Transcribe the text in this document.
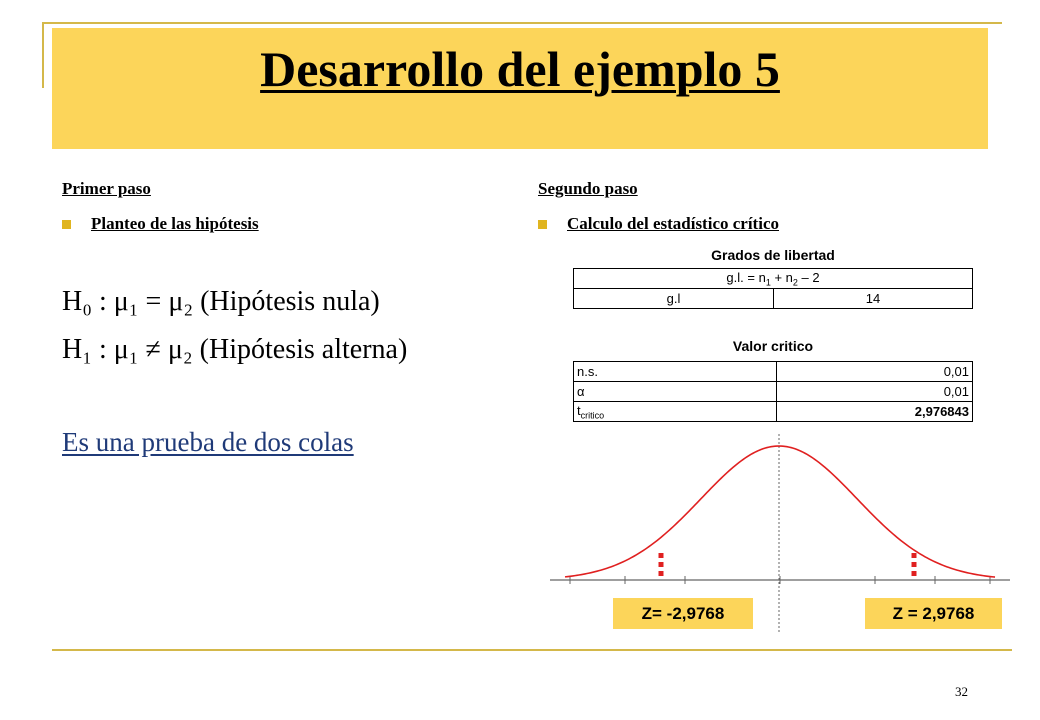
Desarrollo del ejemplo 5
Primer paso
Planteo de las hipótesis
H₀ : μ₁ = μ₂ (Hipótesis nula)
H₁ : μ₁ ≠ μ₂ (Hipótesis alterna)
Es una prueba de dos colas
Segundo paso
Calculo del estadístico crítico
Grados de libertad
g.l. = $n_1 + n_2 - 2$
g.l	14
Valor critico
n.s.	0,01
α	0,01
$t_{critico}$	2,976843
Z= -2,9768	Z = 2,9768
32
